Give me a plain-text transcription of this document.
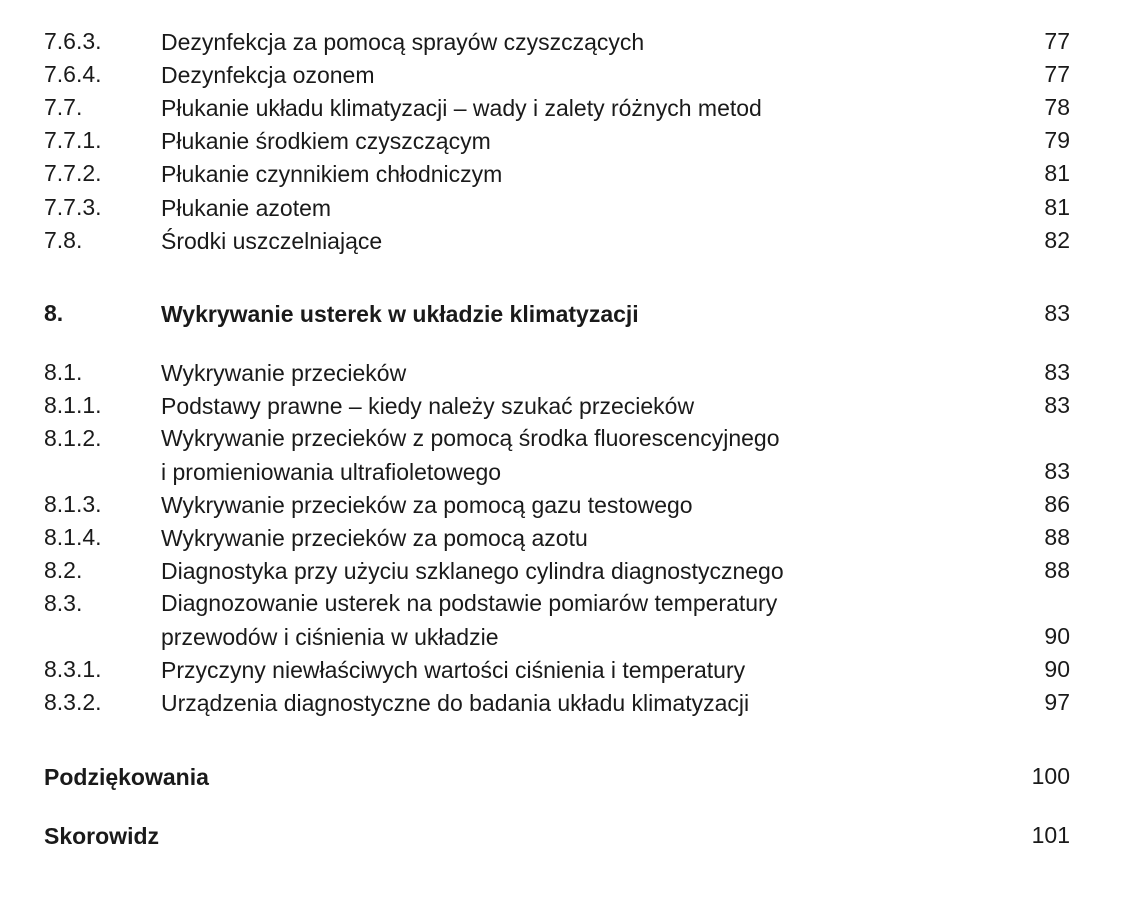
7.6.3.	Dezynfekcja za pomocą sprayów czyszczących	77
7.6.4.	Dezynfekcja ozonem	77
7.7.	Płukanie układu klimatyzacji – wady i zalety różnych metod	78
7.7.1.	Płukanie środkiem czyszczącym	79
7.7.2.	Płukanie czynnikiem chłodniczym	81
7.7.3.	Płukanie azotem	81
7.8.	Środki uszczelniające	82
8.	Wykrywanie usterek w układzie klimatyzacji	83
8.1.	Wykrywanie przecieków	83
8.1.1.	Podstawy prawne – kiedy należy szukać przecieków	83
8.1.2.	Wykrywanie przecieków z pomocą środka fluorescencyjnego
i promieniowania ultrafioletowego	83
8.1.3.	Wykrywanie przecieków za pomocą gazu testowego	86
8.1.4.	Wykrywanie przecieków za pomocą azotu	88
8.2.	Diagnostyka przy użyciu szklanego cylindra diagnostycznego	88
8.3.	Diagnozowanie usterek na podstawie pomiarów temperatury
przewodów i ciśnienia w układzie	90
8.3.1.	Przyczyny niewłaściwych wartości ciśnienia i temperatury	90
8.3.2.	Urządzenia diagnostyczne do badania układu klimatyzacji	97
Podziękowania	100
Skorowidz	101
